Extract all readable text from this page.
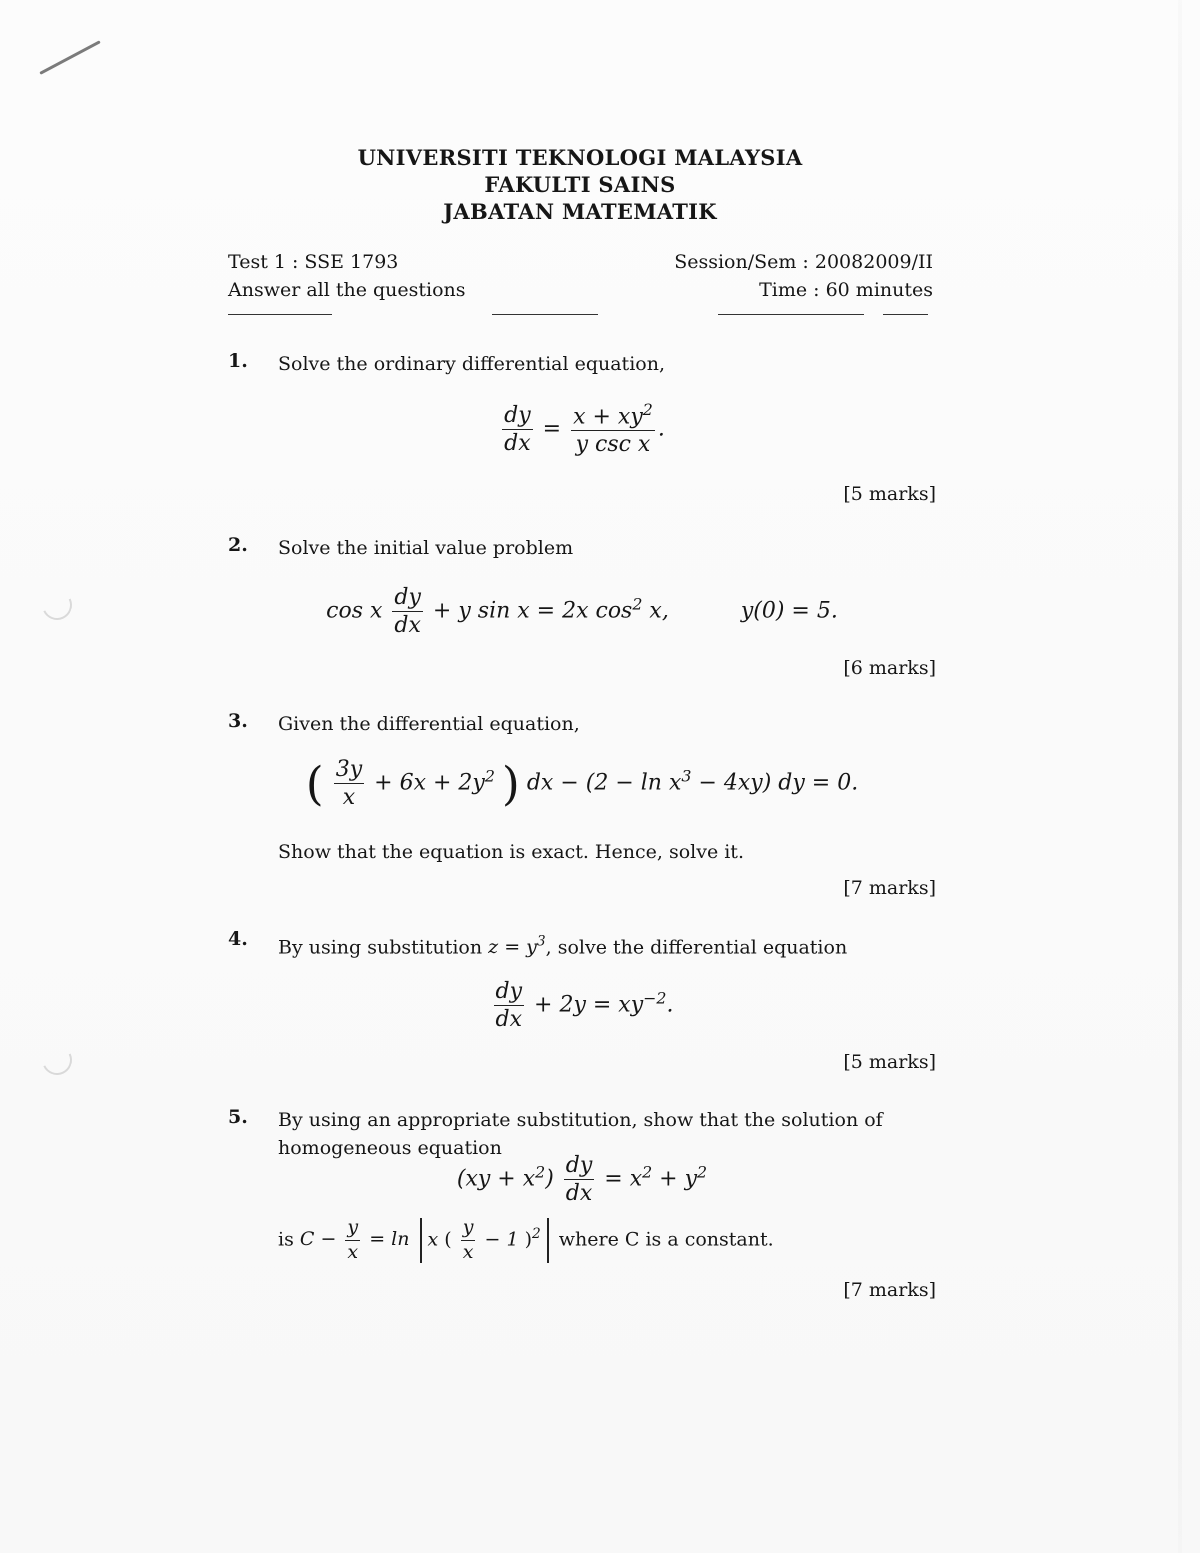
UNIVERSITI TEKNOLOGI MALAYSIA
FAKULTI SAINS
JABATAN MATEMATIK
Test 1 : SSE 1793
Answer all the questions
Session/Sem : 20082009/II
Time : 60 minutes
1.	Solve the ordinary differential equation,
$\frac{dy}{dx} = \frac{x + xy^2}{\text{y csc x}}$ .
[5 marks]
2.	Solve the initial value problem
cos x $\frac{dy}{dx} + y$ sin x = 2x $\cos^2 x$,	y(0) = 5.
[6 marks]
3.	Given the differential equation,
( $\frac{3y}{x} + 6x + 2y^2$ ) dx − $(2 - \ln x^3 - 4xy)$ dy = 0.
Show that the equation is exact. Hence, solve it.
[7 marks]
4.	By using substitution $z = y^3$, solve the differential equation
$\frac{dy}{dx} + 2y = xy^{-2}$.
[5 marks]
5.	By using an appropriate substitution, show that the solution of homogeneous equation
$(xy + x^2) \frac{dy}{dx} = x^2 + y^2$
is $C - \frac{y}{x} = \ln x$ ( $\frac{y}{x} - 1$ )$^2$ where C is a constant.
[7 marks]
